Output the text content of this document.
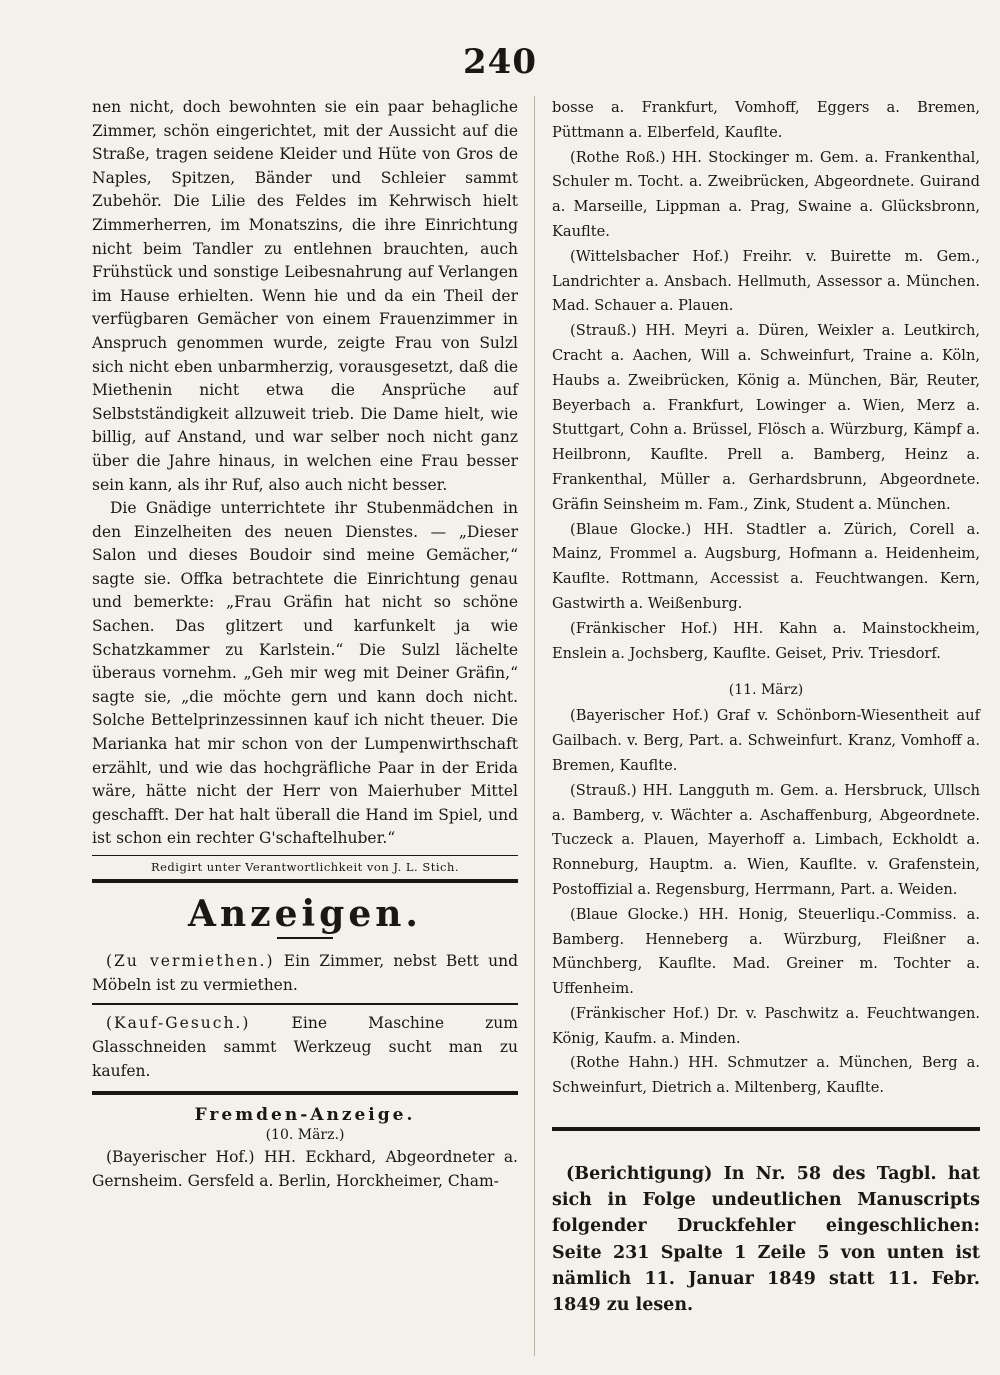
240

nen nicht, doch bewohnten sie ein paar behagliche Zimmer, schön eingerichtet, mit der Aussicht auf die Straße, tragen seidene Kleider und Hüte von Gros de Naples, Spitzen, Bänder und Schleier sammt Zubehör. Die Lilie des Feldes im Kehrwisch hielt Zimmerherren, im Monatszins, die ihre Einrichtung nicht beim Tandler zu entlehnen brauchten, auch Frühstück und sonstige Leibesnahrung auf Verlangen im Hause erhielten. Wenn hie und da ein Theil der verfügbaren Gemächer von einem Frauenzimmer in Anspruch genommen wurde, zeigte Frau von Sulzl sich nicht eben unbarmherzig, vorausgesetzt, daß die Miethenin nicht etwa die Ansprüche auf Selbstständigkeit allzuweit trieb. Die Dame hielt, wie billig, auf Anstand, und war selber noch nicht ganz über die Jahre hinaus, in welchen eine Frau besser sein kann, als ihr Ruf, also auch nicht besser.

Die Gnädige unterrichtete ihr Stubenmädchen in den Einzelheiten des neuen Dienstes. — „Dieser Salon und dieses Boudoir sind meine Gemächer,“ sagte sie. Offka betrachtete die Einrichtung genau und bemerkte: „Frau Gräfin hat nicht so schöne Sachen. Das glitzert und karfunkelt ja wie Schatzkammer zu Karlstein.“ Die Sulzl lächelte überaus vornehm. „Geh mir weg mit Deiner Gräfin,“ sagte sie, „die möchte gern und kann doch nicht. Solche Bettelprinzessinnen kauf ich nicht theuer. Die Marianka hat mir schon von der Lumpenwirthschaft erzählt, und wie das hochgräfliche Paar in der Erida wäre, hätte nicht der Herr von Maierhuber Mittel geschafft. Der hat halt überall die Hand im Spiel, und ist schon ein rechter G'schaftelhuber.“

Redigirt unter Verantwortlichkeit von J. L. Stich.
Anzeigen.

(Zu vermiethen.) Ein Zimmer, nebst Bett und Möbeln ist zu vermiethen.

(Kauf-Gesuch.) Eine Maschine zum Glasschneiden sammt Werkzeug sucht man zu kaufen.

Fremden-Anzeige.
(10. März.)

(Bayerischer Hof.) HH. Eckhard, Abgeordneter a. Gernsheim. Gersfeld a. Berlin, Horckheimer, Cham-

bosse a. Frankfurt, Vomhoff, Eggers a. Bremen, Püttmann a. Elberfeld, Kauflte.

(Rothe Roß.) HH. Stockinger m. Gem. a. Frankenthal, Schuler m. Tocht. a. Zweibrücken, Abgeordnete. Guirand a. Marseille, Lippman a. Prag, Swaine a. Glücksbronn, Kauflte.

(Wittelsbacher Hof.) Freihr. v. Buirette m. Gem., Landrichter a. Ansbach. Hellmuth, Assessor a. München. Mad. Schauer a. Plauen.

(Strauß.) HH. Meyri a. Düren, Weixler a. Leutkirch, Cracht a. Aachen, Will a. Schweinfurt, Traine a. Köln, Haubs a. Zweibrücken, König a. München, Bär, Reuter, Beyerbach a. Frankfurt, Lowinger a. Wien, Merz a. Stuttgart, Cohn a. Brüssel, Flösch a. Würzburg, Kämpf a. Heilbronn, Kauflte. Prell a. Bamberg, Heinz a. Frankenthal, Müller a. Gerhardsbrunn, Abgeordnete. Gräfin Seinsheim m. Fam., Zink, Student a. München.

(Blaue Glocke.) HH. Stadtler a. Zürich, Corell a. Mainz, Frommel a. Augsburg, Hofmann a. Heidenheim, Kauflte. Rottmann, Accessist a. Feuchtwangen. Kern, Gastwirth a. Weißenburg.

(Fränkischer Hof.) HH. Kahn a. Mainstockheim, Enslein a. Jochsberg, Kauflte. Geiset, Priv. Triesdorf.

(11. März)

(Bayerischer Hof.) Graf v. Schönborn-Wiesentheit auf Gailbach. v. Berg, Part. a. Schweinfurt. Kranz, Vomhoff a. Bremen, Kauflte.

(Strauß.) HH. Langguth m. Gem. a. Hersbruck, Ullsch a. Bamberg, v. Wächter a. Aschaffenburg, Abgeordnete. Tuczeck a. Plauen, Mayerhoff a. Limbach, Eckholdt a. Ronneburg, Hauptm. a. Wien, Kauflte. v. Grafenstein, Postoffizial a. Regensburg, Herrmann, Part. a. Weiden.

(Blaue Glocke.) HH. Honig, Steuerliqu.-Commiss. a. Bamberg. Henneberg a. Würzburg, Fleißner a. Münchberg, Kauflte. Mad. Greiner m. Tochter a. Uffenheim.

(Fränkischer Hof.) Dr. v. Paschwitz a. Feuchtwangen. König, Kaufm. a. Minden.

(Rothe Hahn.) HH. Schmutzer a. München, Berg a. Schweinfurt, Dietrich a. Miltenberg, Kauflte.

(Berichtigung) In Nr. 58 des Tagbl. hat sich in Folge undeutlichen Manuscripts folgender Druckfehler eingeschlichen: Seite 231 Spalte 1 Zeile 5 von unten ist nämlich 11. Januar 1849 statt 11. Febr. 1849 zu lesen.
